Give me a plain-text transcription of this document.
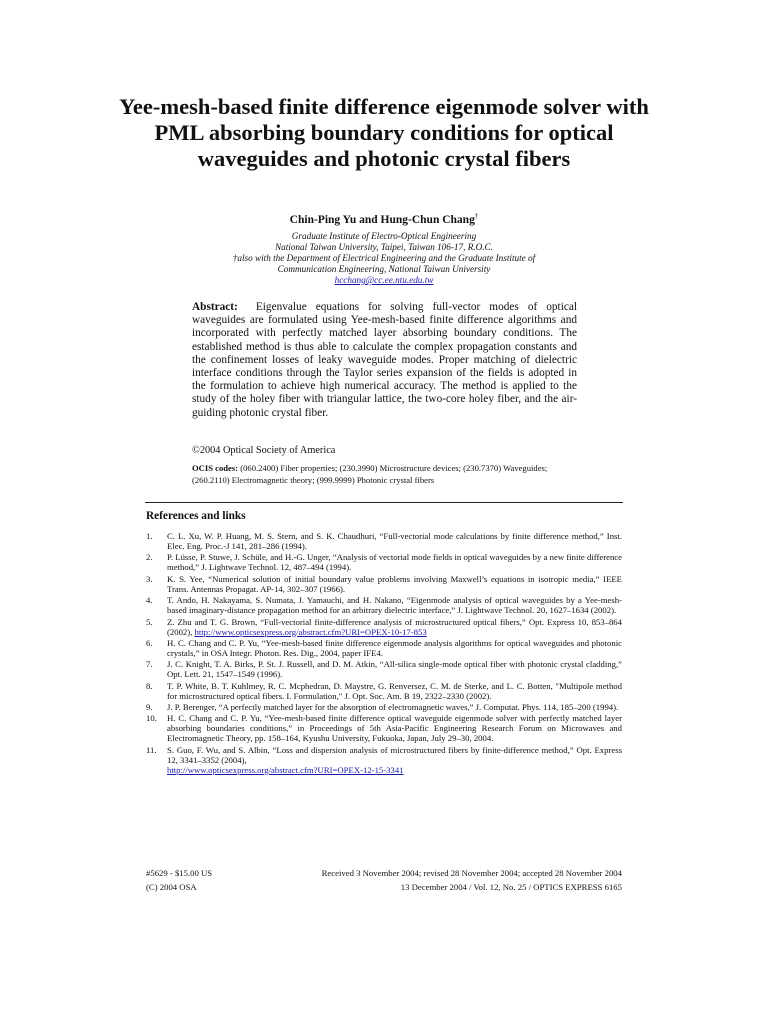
Yee-mesh-based finite difference eigenmode solver with PML absorbing boundary conditions for optical waveguides and photonic crystal fibers
Chin-Ping Yu and Hung-Chun Chang†
Graduate Institute of Electro-Optical Engineering
National Taiwan University, Taipei, Taiwan 106-17, R.O.C.
†also with the Department of Electrical Engineering and the Graduate Institute of
Communication Engineering, National Taiwan University
hcchang@cc.ee.ntu.edu.tw

Abstract: Eigenvalue equations for solving full-vector modes of optical waveguides are formulated using Yee-mesh-based finite difference algorithms and incorporated with perfectly matched layer absorbing boundary conditions. The established method is thus able to calculate the complex propagation constants and the confinement losses of leaky waveguide modes. Proper matching of dielectric interface conditions through the Taylor series expansion of the fields is adopted in the formulation to achieve high numerical accuracy. The method is applied to the study of the holey fiber with triangular lattice, the two-core holey fiber, and the air-guiding photonic crystal fiber.

©2004 Optical Society of America
OCIS codes: (060.2400) Fiber properties; (230.3990) Microstructure devices; (230.7370) Waveguides; (260.2110) Electromagnetic theory; (999.9999) Photonic crystal fibers
References and links
1. C. L. Xu, W. P. Huang, M. S. Stern, and S. K. Chaudhuri, “Full-vectorial mode calculations by finite difference method,” Inst. Elec. Eng. Proc.-J 141, 281–286 (1994).
2. P. Lüsse, P. Stuwe, J. Schüle, and H.-G. Unger, “Analysis of vectorial mode fields in optical waveguides by a new finite difference method,” J. Lightwave Technol. 12, 487–494 (1994).
3. K. S. Yee, “Numerical solution of initial boundary value problems involving Maxwell’s equations in isotropic media,” IEEE Trans. Antennas Propagat. AP-14, 302–307 (1966).
4. T. Ando, H. Nakayama, S. Numata, J. Yamauchi, and H. Nakano, “Eigenmode analysis of optical waveguides by a Yee-mesh-based imaginary-distance propagation method for an arbitrary dielectric interface,” J. Lightwave Technol. 20, 1627–1634 (2002).
5. Z. Zhu and T. G. Brown, “Full-vectorial finite-difference analysis of microstructured optical fibers,” Opt. Express 10, 853–864 (2002), http://www.opticsexpress.org/abstract.cfm?URI=OPEX-10-17-853
6. H. C. Chang and C. P. Yu, “Yee-mesh-based finite difference eigenmode analysis algorithms for optical waveguides and photonic crystals,” in OSA Integr. Photon. Res. Dig., 2004, paper IFE4.
7. J. C. Knight, T. A. Birks, P. St. J. Russell, and D. M. Atkin, “All-silica single-mode optical fiber with photonic crystal cladding,” Opt. Lett. 21, 1547–1549 (1996).
8. T. P. White, B. T. Kuhlmey, R. C. Mcphedran, D. Maystre, G. Renversez, C. M. de Sterke, and L. C. Botten, "Multipole method for microstructured optical fibers. I. Formulation," J. Opt. Soc. Am. B 19, 2322–2330 (2002).
9. J. P. Berenger, “A perfectly matched layer for the absorption of electromagnetic waves,” J. Computat. Phys. 114, 185–200 (1994).
10. H. C. Chang and C. P. Yu, “Yee-mesh-based finite difference optical waveguide eigenmode solver with perfectly matched layer absorbing boundaries conditions,” in Proceedings of 5th Asia-Pacific Engineering Research Forum on Microwaves and Electromagnetic Theory, pp. 158–164, Kyushu University, Fukuoka, Japan, July 29–30, 2004.
11. S. Guo, F. Wu, and S. Albin, “Loss and dispersion analysis of microstructured fibers by finite-difference method,” Opt. Express 12, 3341–3352 (2004),
http://www.opticsexpress.org/abstract.cfm?URI=OPEX-12-15-3341
#5629 - $15.00 US	Received 3 November 2004; revised 28 November 2004; accepted 28 November 2004
(C) 2004 OSA	13 December 2004 / Vol. 12, No. 25 / OPTICS EXPRESS 6165
